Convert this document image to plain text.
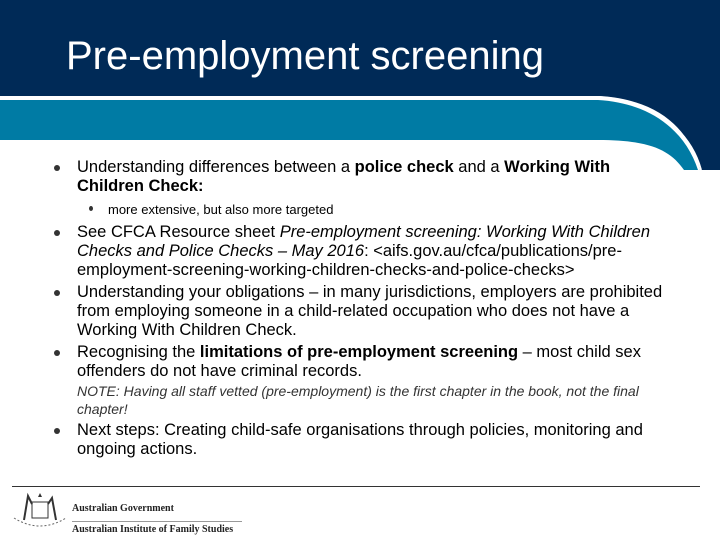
Pre-employment screening
Understanding differences between a police check and a Working With Children Check:
more extensive, but also more targeted
See CFCA Resource sheet Pre-employment screening: Working With Children Checks and Police Checks – May 2016: <aifs.gov.au/cfca/publications/pre-employment-screening-working-children-checks-and-police-checks>
Understanding your obligations – in many jurisdictions, employers are prohibited from employing someone in a child-related occupation who does not have a Working With Children Check.
Recognising the limitations of pre-employment screening – most child sex offenders do not have criminal records.
NOTE: Having all staff vetted (pre-employment) is the first chapter in the book, not the final chapter!
Next steps: Creating child-safe organisations through policies, monitoring and ongoing actions.
Australian Government
Australian Institute of Family Studies
